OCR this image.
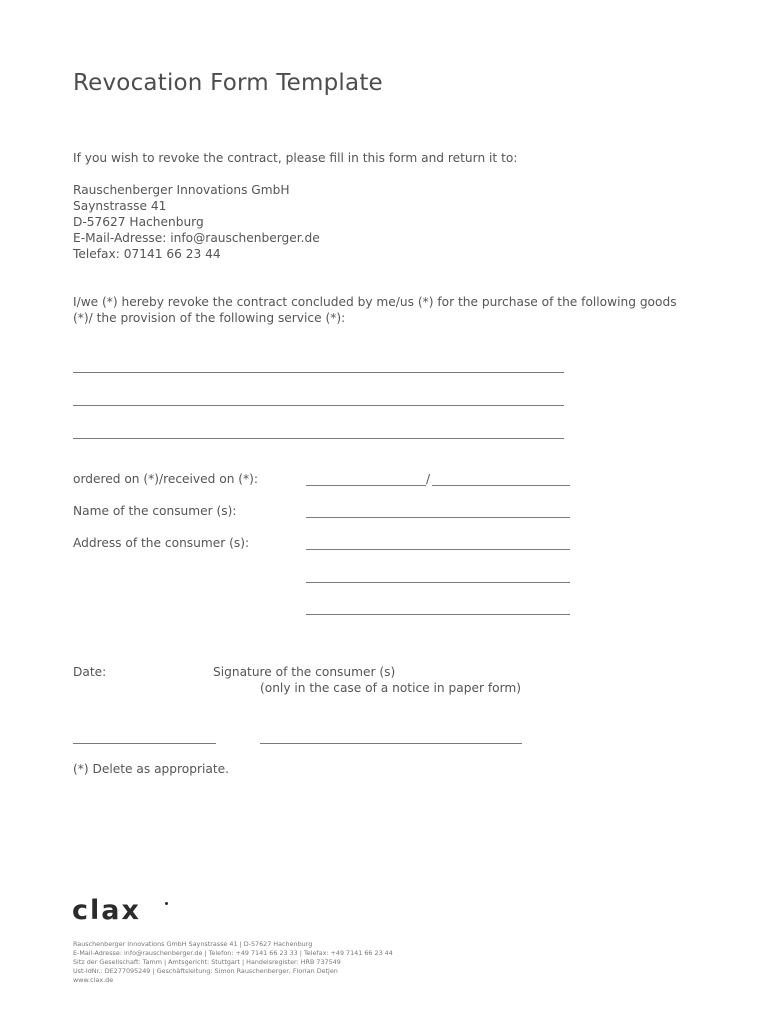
Revocation Form Template
If you wish to revoke the contract, please fill in this form and return it to:
Rauschenberger Innovations GmbH
Saynstrasse 41
D-57627 Hachenburg
E-Mail-Adresse: info@rauschenberger.de
Telefax: 07141 66 23 44
I/we (*) hereby revoke the contract concluded by me/us (*) for the purchase of the following goods
(*)/ the provision of the following service (*):
ordered on (*)/received on (*):	/
Name of the consumer (s):
Address of the consumer (s):
Date:	Signature of the consumer (s)
(only in the case of a notice in paper form)
(*) Delete as appropriate.
clax
Rauschenberger Innovations GmbH Saynstrasse 41 | D-57627 Hachenburg
E-Mail-Adresse: info@rauschenberger.de | Telefon: +49 7141 66 23 33 | Telefax: +49 7141 66 23 44
Sitz der Gesellschaft: Tamm | Amtsgericht: Stuttgart | Handelsregister: HRB 737549
Ust-IdNr.: DE277095249 | Geschäftsleitung: Simon Rauschenberger, Florian Detjen
www.clax.de
